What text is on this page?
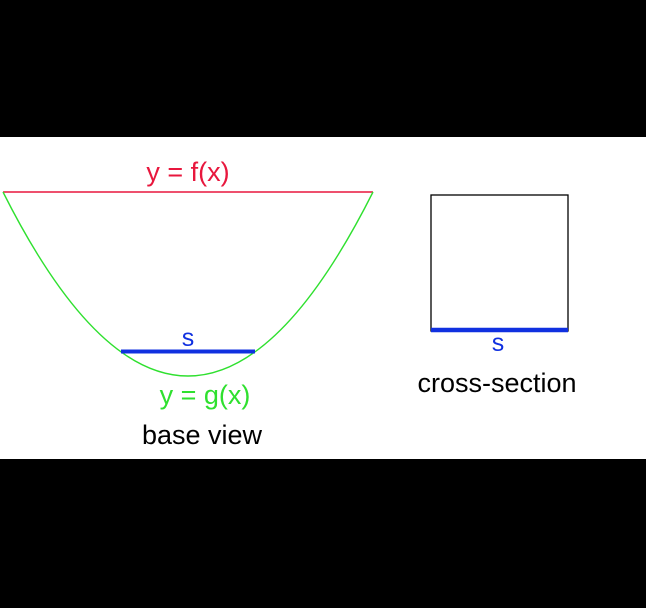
y = f(x)
s
y = g(x)
base view
s
cross-section
